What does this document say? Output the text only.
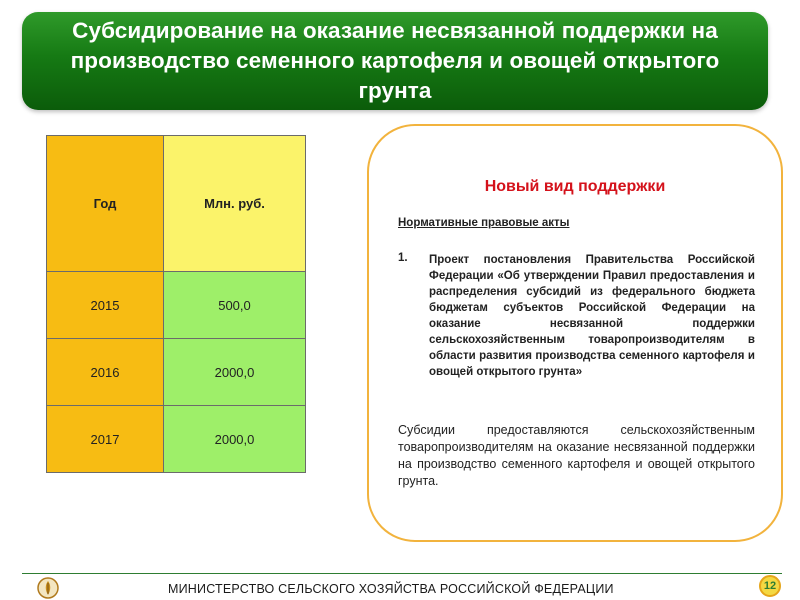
Субсидирование на оказание несвязанной поддержки на производство семенного картофеля и овощей открытого грунта
Год	Млн. руб.
2015	500,0
2016	2000,0
2017	2000,0
Новый вид поддержки
Нормативные правовые акты
1. Проект постановления Правительства Российской Федерации «Об утверждении Правил предоставления и распределения субсидий из федерального бюджета бюджетам субъектов Российской Федерации на оказание несвязанной поддержки сельскохозяйственным товаропроизводителям в области развития производства семенного картофеля и овощей открытого грунта»
Субсидии предоставляются сельскохозяйственным товаропроизводителям на оказание несвязанной поддержки на производство семенного картофеля и овощей открытого грунта.
МИНИСТЕРСТВО СЕЛЬСКОГО ХОЗЯЙСТВА РОССИЙСКОЙ ФЕДЕРАЦИИ	12
